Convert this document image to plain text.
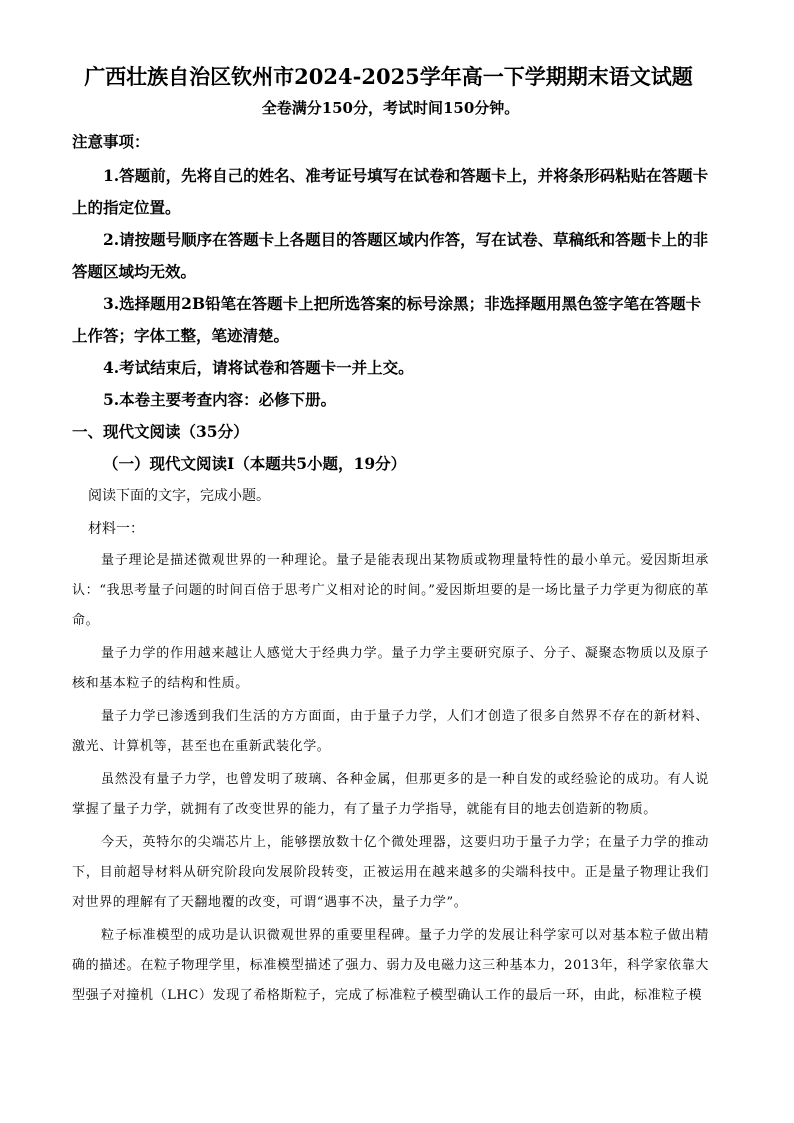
广西壮族自治区钦州市2024-2025学年高一下学期期末语文试题
全卷满分150分，考试时间150分钟。
注意事项：

1.答题前，先将自己的姓名、准考证号填写在试卷和答题卡上，并将条形码粘贴在答题卡上的指定位置。

2.请按题号顺序在答题卡上各题目的答题区域内作答，写在试卷、草稿纸和答题卡上的非答题区域均无效。

3.选择题用2B铅笔在答题卡上把所选答案的标号涂黑；非选择题用黑色签字笔在答题卡上作答；字体工整，笔迹清楚。

4.考试结束后，请将试卷和答题卡一并上交。

5.本卷主要考查内容：必修下册。

一、现代文阅读（35分）
（一）现代文阅读Ⅰ（本题共5小题，19分）
阅读下面的文字，完成小题。
材料一：

量子理论是描述微观世界的一种理论。量子是能表现出某物质或物理量特性的最小单元。爱因斯坦承认：“我思考量子问题的时间百倍于思考广义相对论的时间。”爱因斯坦要的是一场比量子力学更为彻底的革命。

量子力学的作用越来越让人感觉大于经典力学。量子力学主要研究原子、分子、凝聚态物质以及原子核和基本粒子的结构和性质。

量子力学已渗透到我们生活的方方面面，由于量子力学，人们才创造了很多自然界不存在的新材料、激光、计算机等，甚至也在重新武装化学。

虽然没有量子力学，也曾发明了玻璃、各种金属，但那更多的是一种自发的或经验论的成功。有人说掌握了量子力学，就拥有了改变世界的能力，有了量子力学指导，就能有目的地去创造新的物质。

今天，英特尔的尖端芯片上，能够摆放数十亿个微处理器，这要归功于量子力学；在量子力学的推动下，目前超导材料从研究阶段向发展阶段转变，正被运用在越来越多的尖端科技中。正是量子物理让我们对世界的理解有了天翻地覆的改变，可谓“遇事不决，量子力学”。

粒子标准模型的成功是认识微观世界的重要里程碑。量子力学的发展让科学家可以对基本粒子做出精确的描述。在粒子物理学里，标准模型描述了强力、弱力及电磁力这三种基本力，2013年，科学家依靠大型强子对撞机（LHC）发现了希格斯粒子，完成了标准粒子模型确认工作的最后一环，由此，标准粒子模
